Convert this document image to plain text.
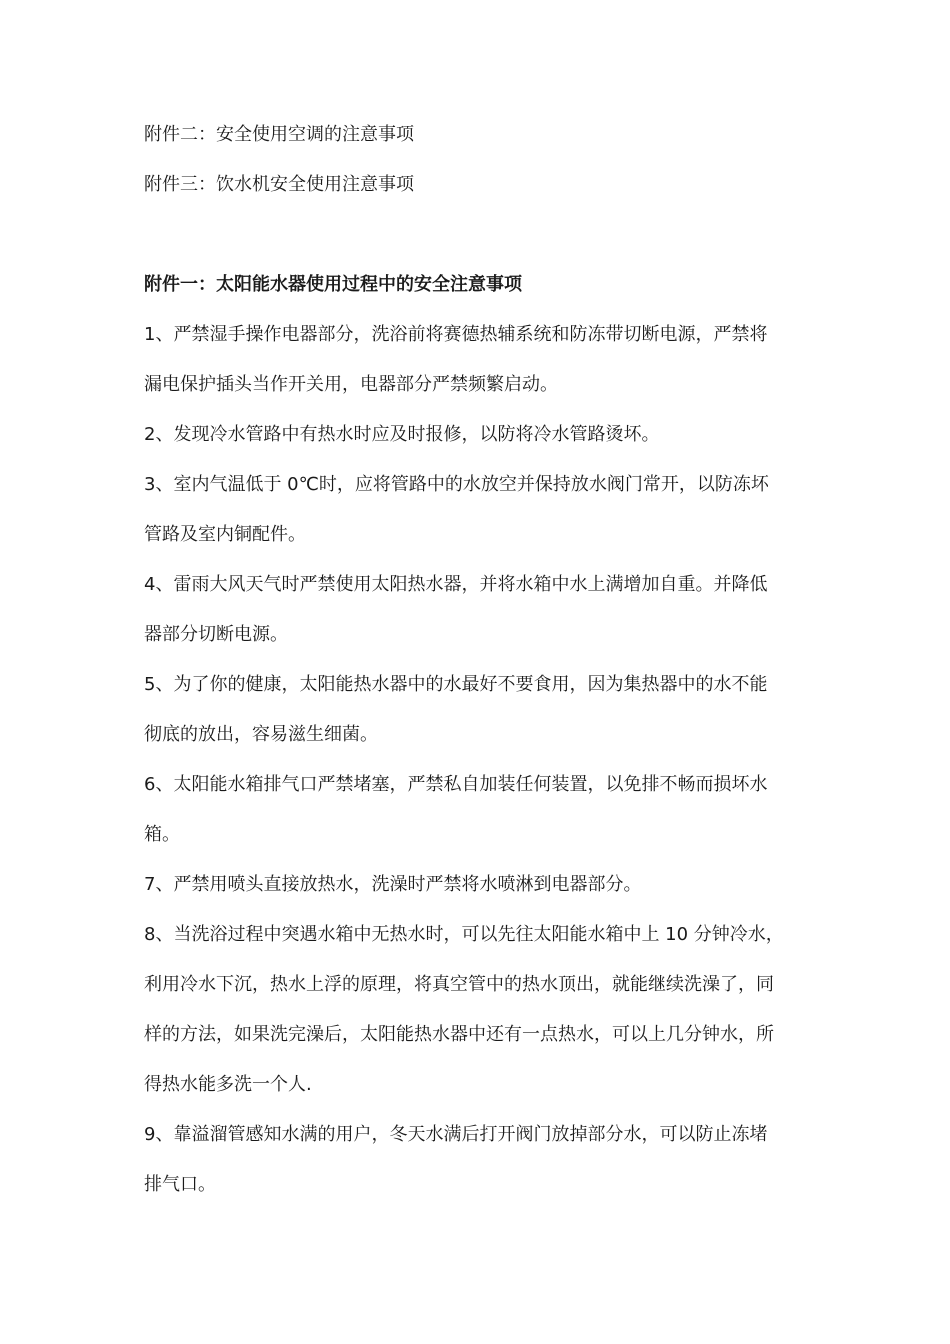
附件二：安全使用空调的注意事项
附件三：饮水机安全使用注意事项
附件一：太阳能水器使用过程中的安全注意事项
1、严禁湿手操作电器部分，洗浴前将赛德热辅系统和防冻带切断电源，严禁将
漏电保护插头当作开关用，电器部分严禁频繁启动。
2、发现冷水管路中有热水时应及时报修，以防将冷水管路烫坏。
3、室内气温低于 0℃时，应将管路中的水放空并保持放水阀门常开，以防冻坏
管路及室内铜配件。
4、雷雨大风天气时严禁使用太阳热水器，并将水箱中水上满增加自重。并降低
器部分切断电源。
5、为了你的健康，太阳能热水器中的水最好不要食用，因为集热器中的水不能
彻底的放出，容易滋生细菌。
6、太阳能水箱排气口严禁堵塞，严禁私自加装任何装置，以免排不畅而损坏水
箱。
7、严禁用喷头直接放热水，洗澡时严禁将水喷淋到电器部分。
8、当洗浴过程中突遇水箱中无热水时，可以先往太阳能水箱中上 10 分钟冷水，
利用冷水下沉，热水上浮的原理，将真空管中的热水顶出，就能继续洗澡了，同
样的方法，如果洗完澡后，太阳能热水器中还有一点热水，可以上几分钟水，所
得热水能多洗一个人.
9、靠溢溜管感知水满的用户，冬天水满后打开阀门放掉部分水，可以防止冻堵
排气口。
